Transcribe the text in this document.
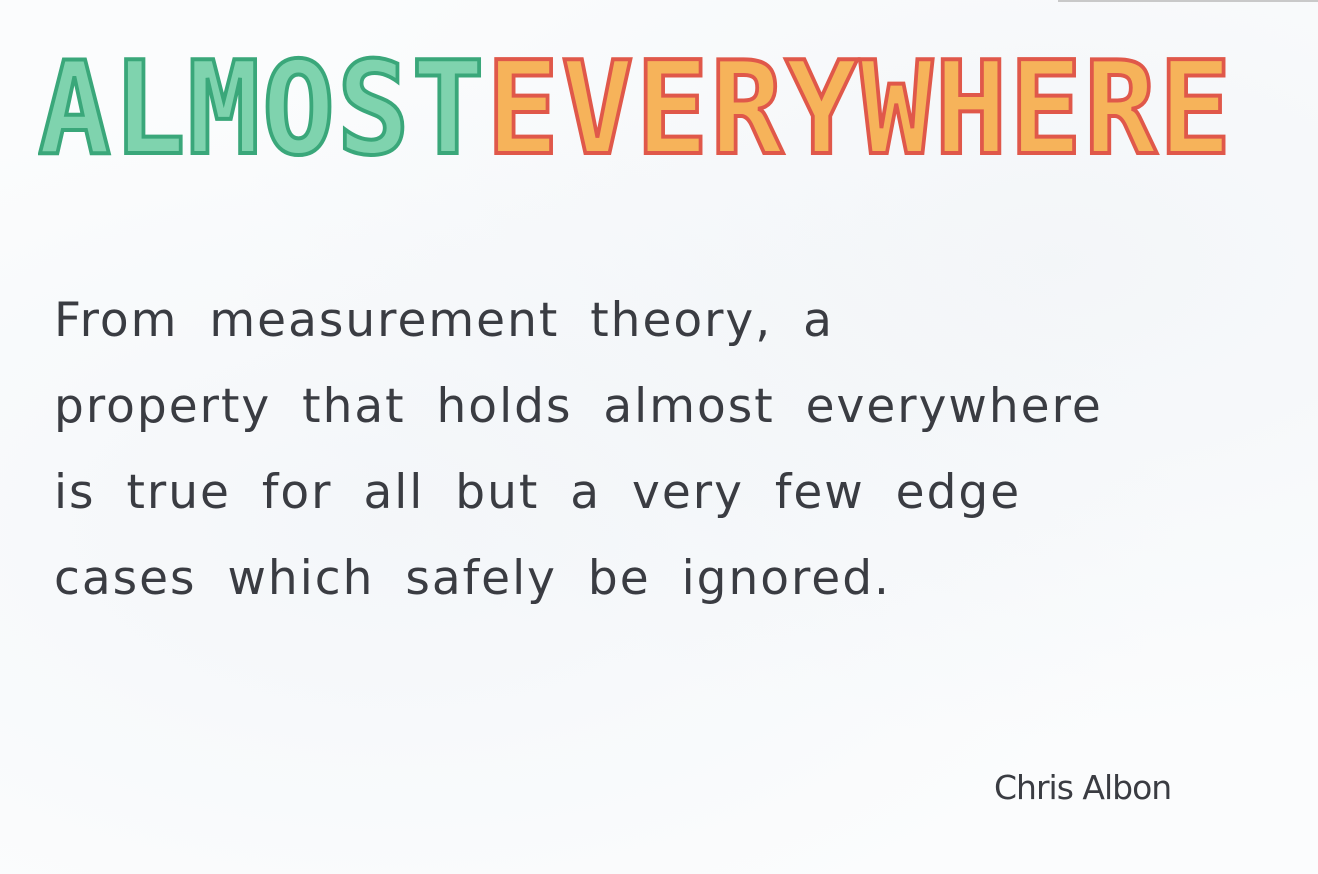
ALMOSTEVERYWHERE
From measurement theory, a
property that holds almost everywhere
is true for all but a very few edge
cases which safely be ignored.
Chris Albon
